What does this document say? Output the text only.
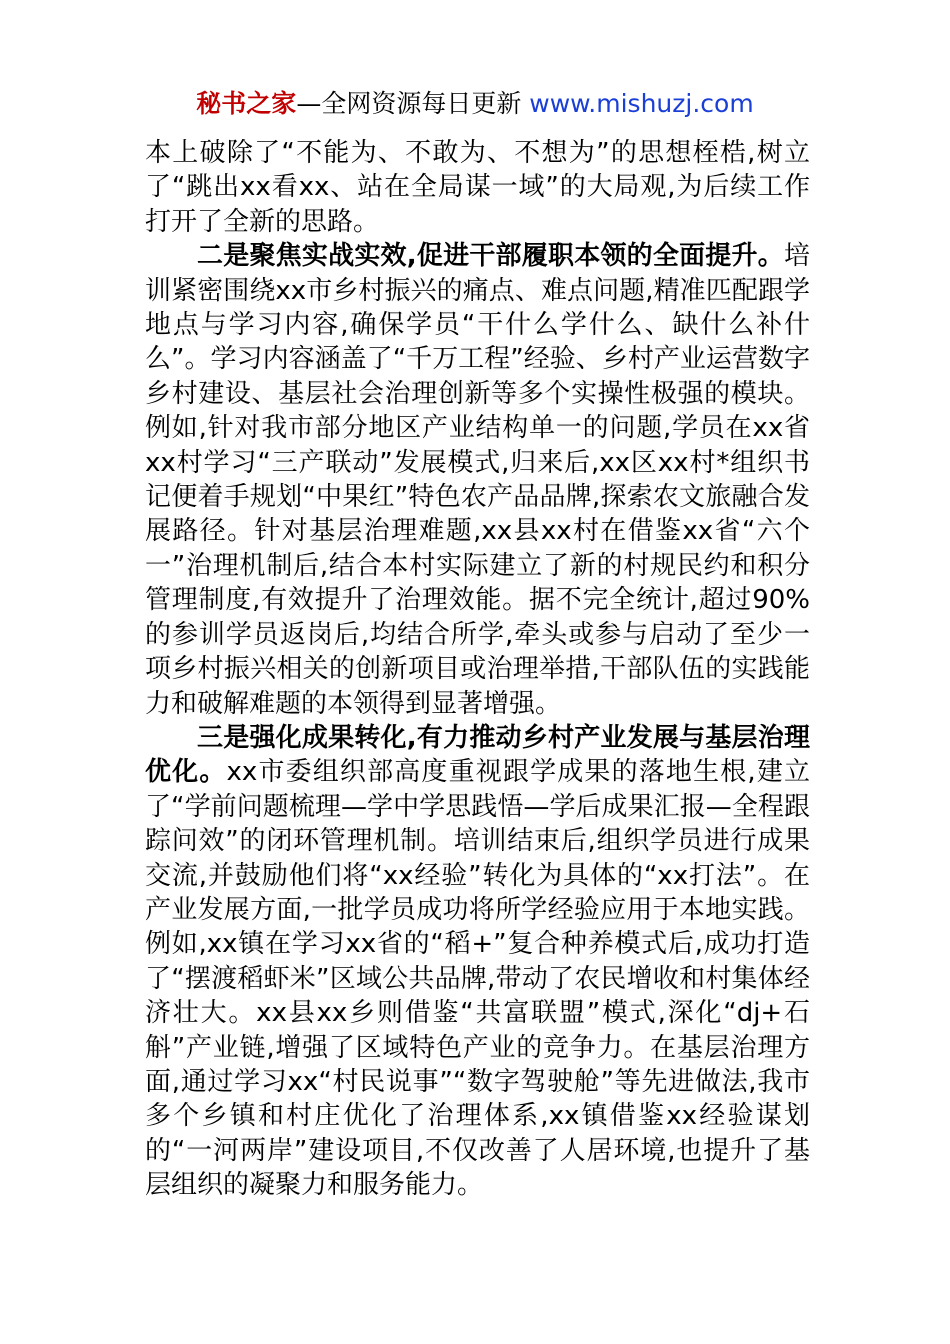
秘书之家—全网资源每日更新 www.mishuzj.com

本上破除了“不能为、不敢为、不想为”的思想桎梏,树立了“跳出xx看xx、站在全局谋一域”的大局观,为后续工作打开了全新的思路。

二是聚焦实战实效,促进干部履职本领的全面提升。培训紧密围绕xx市乡村振兴的痛点、难点问题,精准匹配跟学地点与学习内容,确保学员“干什么学什么、缺什么补什么”。学习内容涵盖了“千万工程”经验、乡村产业运营数字乡村建设、基层社会治理创新等多个实操性极强的模块。例如,针对我市部分地区产业结构单一的问题,学员在xx省xx村学习“三产联动”发展模式,归来后,xx区xx村*组织书记便着手规划“中果红”特色农产品品牌,探索农文旅融合发展路径。针对基层治理难题,xx县xx村在借鉴xx省“六个一”治理机制后,结合本村实际建立了新的村规民约和积分管理制度,有效提升了治理效能。据不完全统计,超过90%的参训学员返岗后,均结合所学,牵头或参与启动了至少一项乡村振兴相关的创新项目或治理举措,干部队伍的实践能力和破解难题的本领得到显著增强。

三是强化成果转化,有力推动乡村产业发展与基层治理优化。xx市委组织部高度重视跟学成果的落地生根,建立了“学前问题梳理—学中学思践悟—学后成果汇报—全程跟踪问效”的闭环管理机制。培训结束后,组织学员进行成果交流,并鼓励他们将“xx经验”转化为具体的“xx打法”。在产业发展方面,一批学员成功将所学经验应用于本地实践。例如,xx镇在学习xx省的“稻+”复合种养模式后,成功打造了“摆渡稻虾米”区域公共品牌,带动了农民增收和村集体经济壮大。xx县xx乡则借鉴“共富联盟”模式,深化“dj+石斛”产业链,增强了区域特色产业的竞争力。在基层治理方面,通过学习xx“村民说事”“数字驾驶舱”等先进做法,我市多个乡镇和村庄优化了治理体系,xx镇借鉴xx经验谋划的“一河两岸”建设项目,不仅改善了人居环境,也提升了基层组织的凝聚力和服务能力。
